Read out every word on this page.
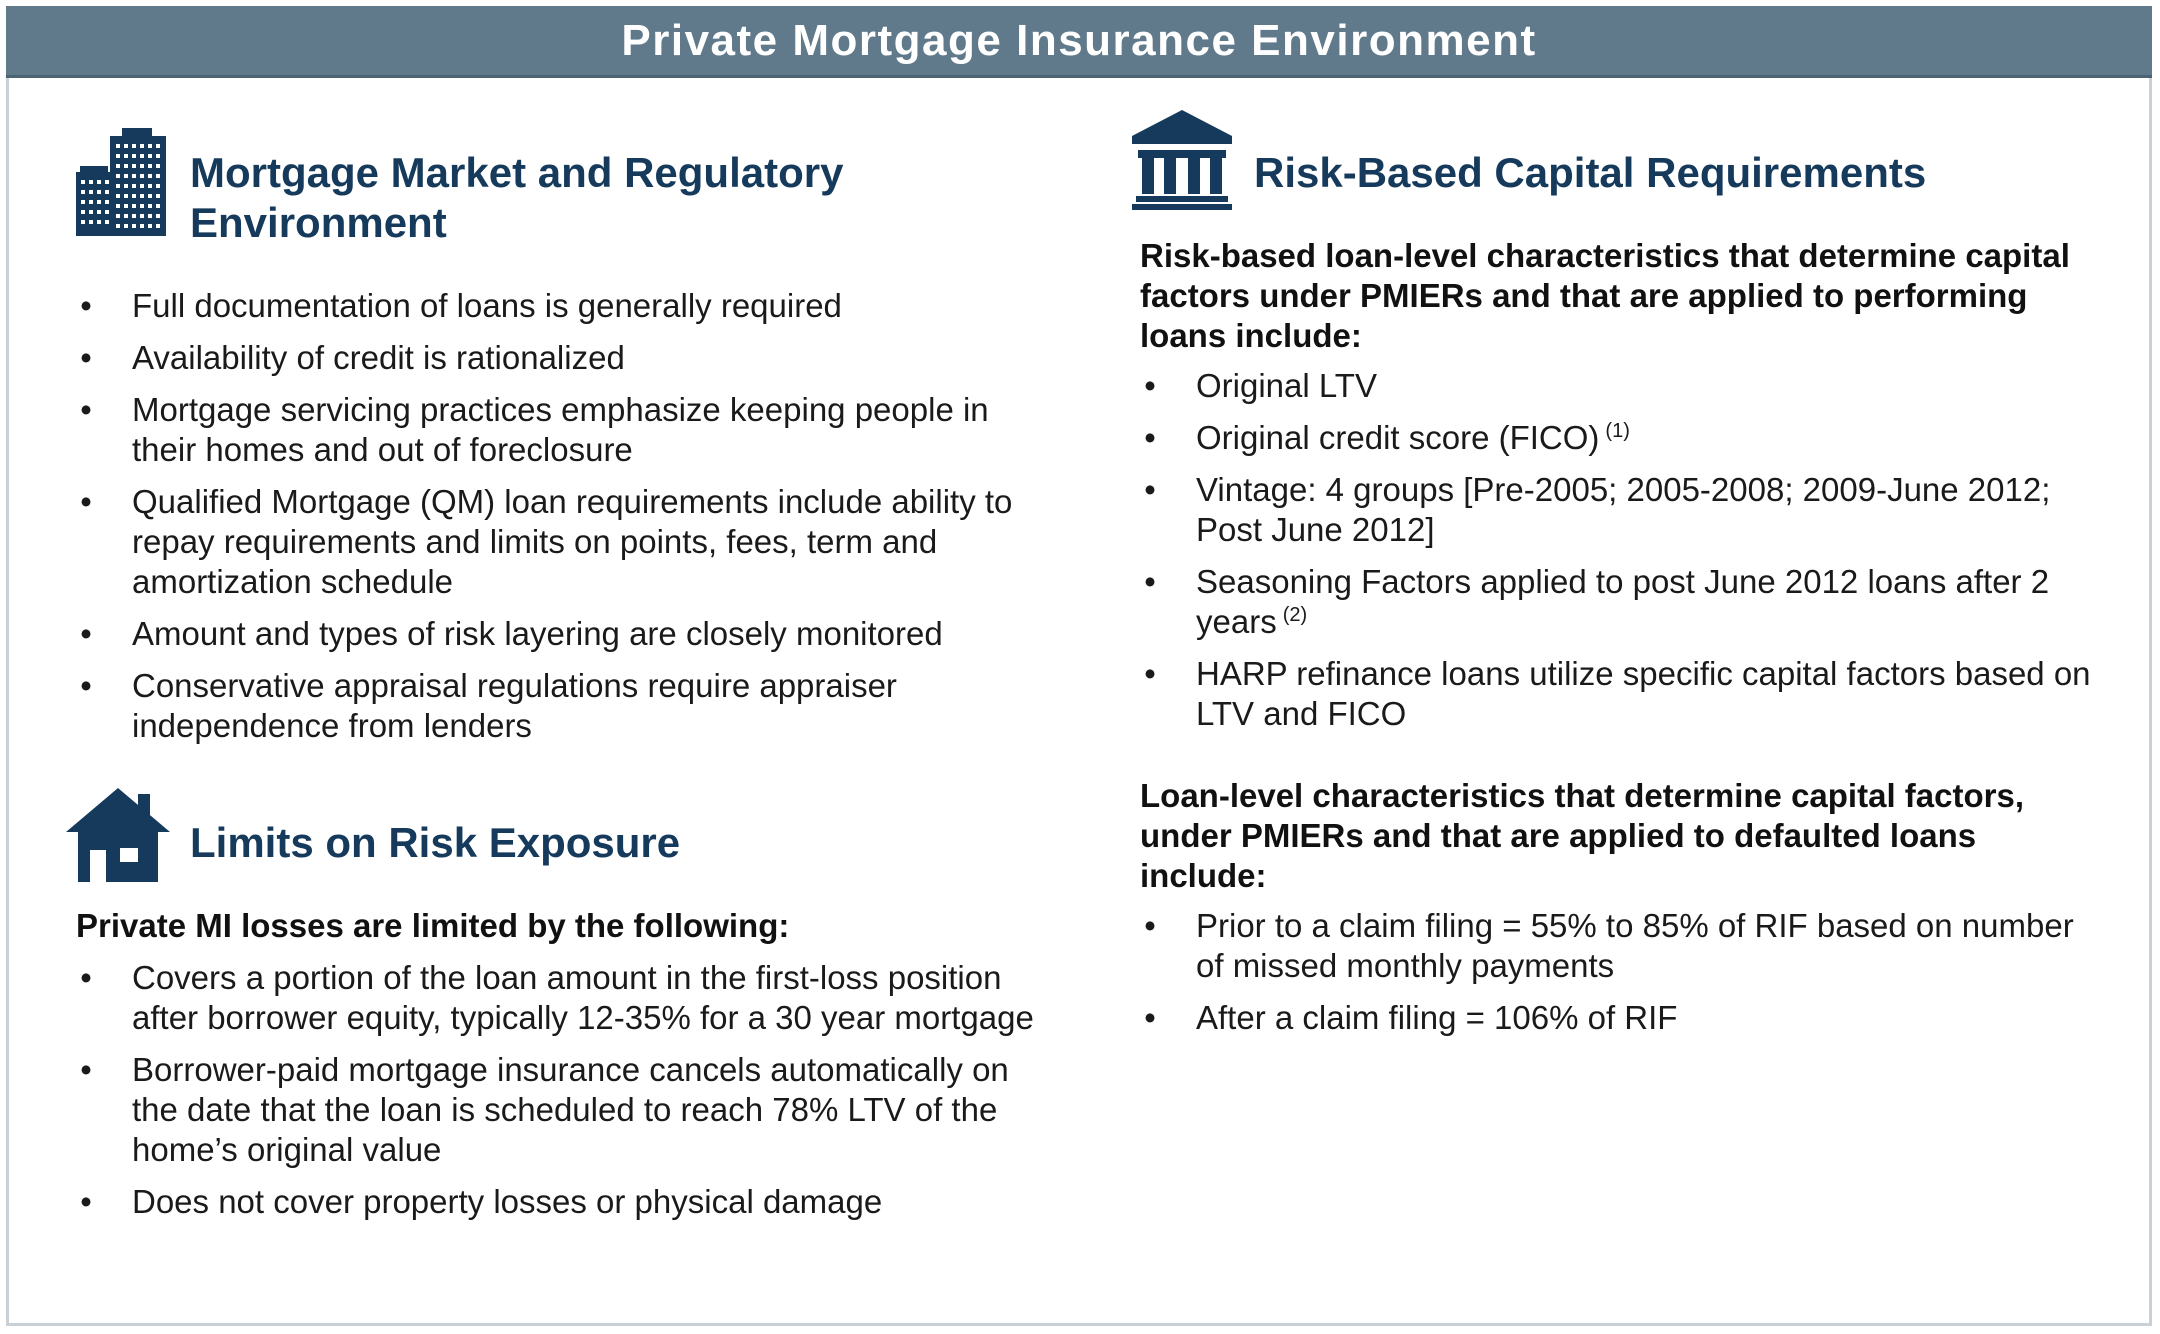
Private Mortgage Insurance Environment
Mortgage Market and Regulatory
Environment
• Full documentation of loans is generally required
• Availability of credit is rationalized
• Mortgage servicing practices emphasize keeping people in their homes and out of foreclosure
• Qualified Mortgage (QM) loan requirements include ability to repay requirements and limits on points, fees, term and amortization schedule
• Amount and types of risk layering are closely monitored
• Conservative appraisal regulations require appraiser independence from lenders
Limits on Risk Exposure
Private MI losses are limited by the following:
• Covers a portion of the loan amount in the first-loss position after borrower equity, typically 12-35% for a 30 year mortgage
• Borrower-paid mortgage insurance cancels automatically on the date that the loan is scheduled to reach 78% LTV of the home’s original value
• Does not cover property losses or physical damage
Risk-Based Capital Requirements
Risk-based loan-level characteristics that determine capital factors under PMIERs and that are applied to performing loans include:
• Original LTV
• Original credit score (FICO) $^{(1)}$
• Vintage: 4 groups [Pre-2005; 2005-2008; 2009-June 2012; Post June 2012]
• Seasoning Factors applied to post June 2012 loans after 2 years $^{(2)}$
• HARP refinance loans utilize specific capital factors based on LTV and FICO
Loan-level characteristics that determine capital factors, under PMIERs and that are applied to defaulted loans include:
• Prior to a claim filing = 55% to 85% of RIF based on number of missed monthly payments
• After a claim filing = 106% of RIF
